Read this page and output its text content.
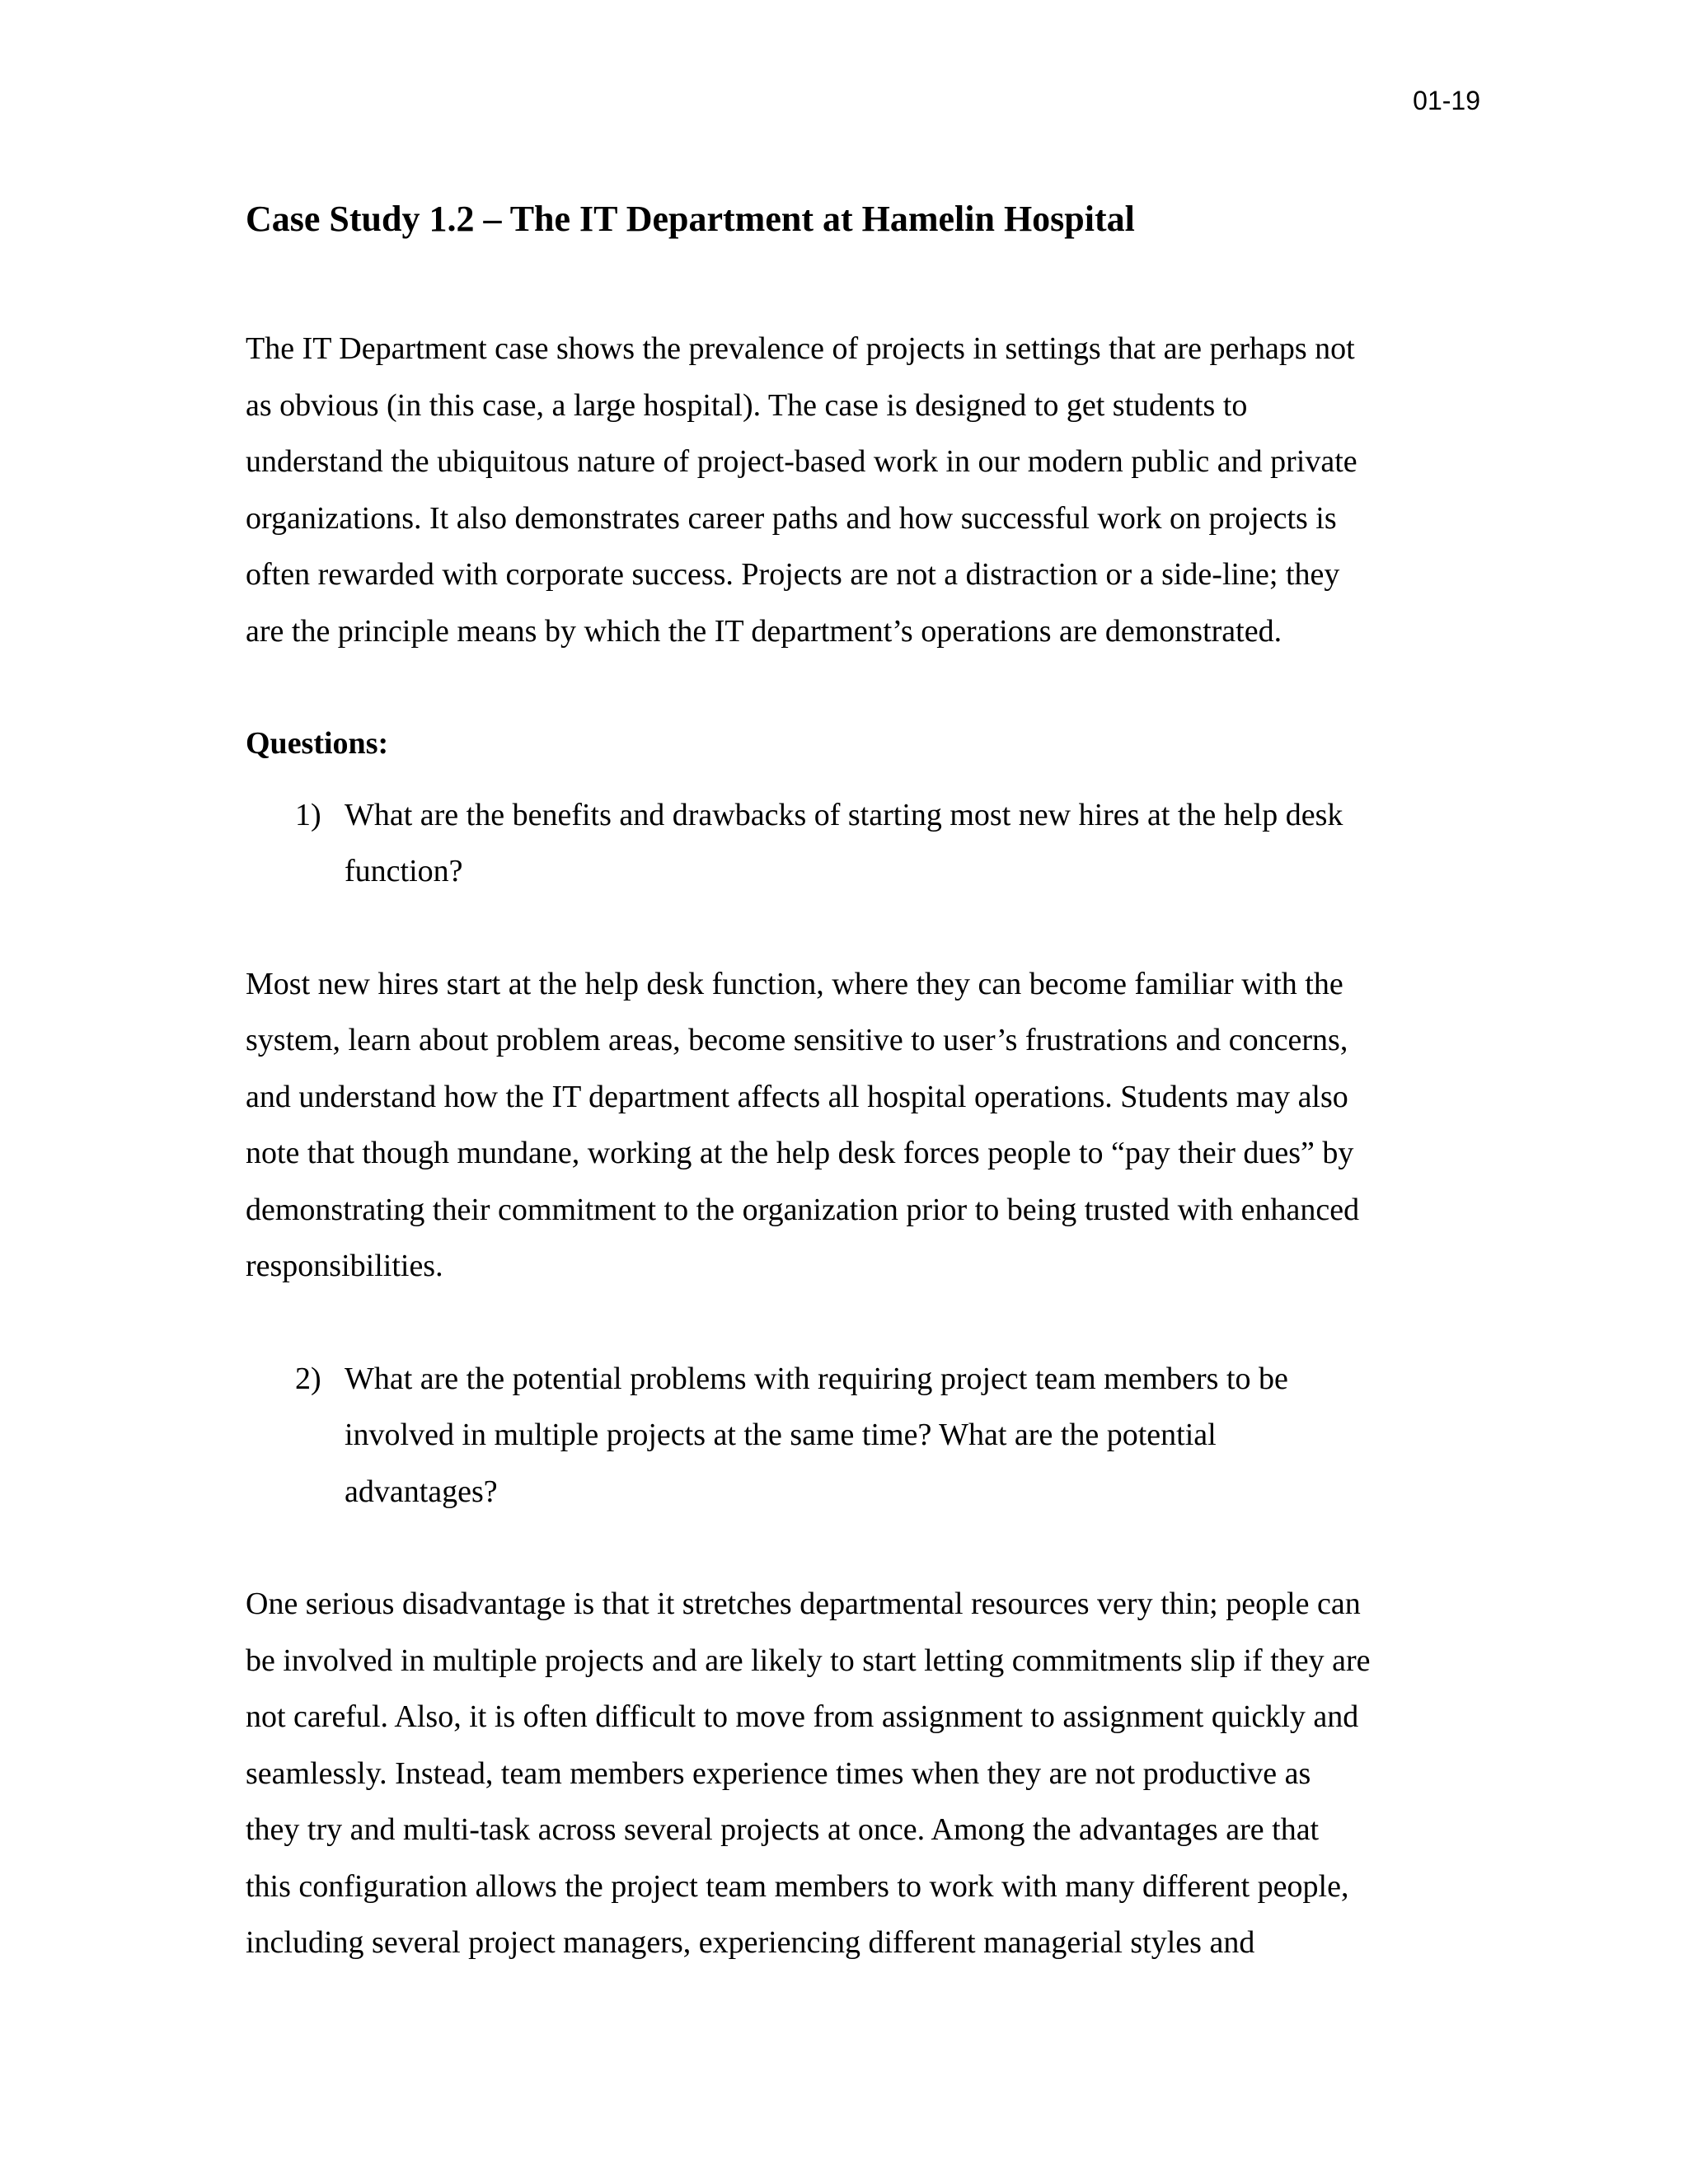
01-19
Case Study 1.2 – The IT Department at Hamelin Hospital

The IT Department case shows the prevalence of projects in settings that are perhaps not
as obvious (in this case, a large hospital). The case is designed to get students to
understand the ubiquitous nature of project-based work in our modern public and private
organizations. It also demonstrates career paths and how successful work on projects is
often rewarded with corporate success. Projects are not a distraction or a side-line; they
are the principle means by which the IT department’s operations are demonstrated.

Questions:

1) What are the benefits and drawbacks of starting most new hires at the help desk
function?

Most new hires start at the help desk function, where they can become familiar with the
system, learn about problem areas, become sensitive to user’s frustrations and concerns,
and understand how the IT department affects all hospital operations. Students may also
note that though mundane, working at the help desk forces people to “pay their dues” by
demonstrating their commitment to the organization prior to being trusted with enhanced
responsibilities.

2) What are the potential problems with requiring project team members to be
involved in multiple projects at the same time? What are the potential
advantages?

One serious disadvantage is that it stretches departmental resources very thin; people can
be involved in multiple projects and are likely to start letting commitments slip if they are
not careful. Also, it is often difficult to move from assignment to assignment quickly and
seamlessly. Instead, team members experience times when they are not productive as
they try and multi-task across several projects at once. Among the advantages are that
this configuration allows the project team members to work with many different people,
including several project managers, experiencing different managerial styles and
